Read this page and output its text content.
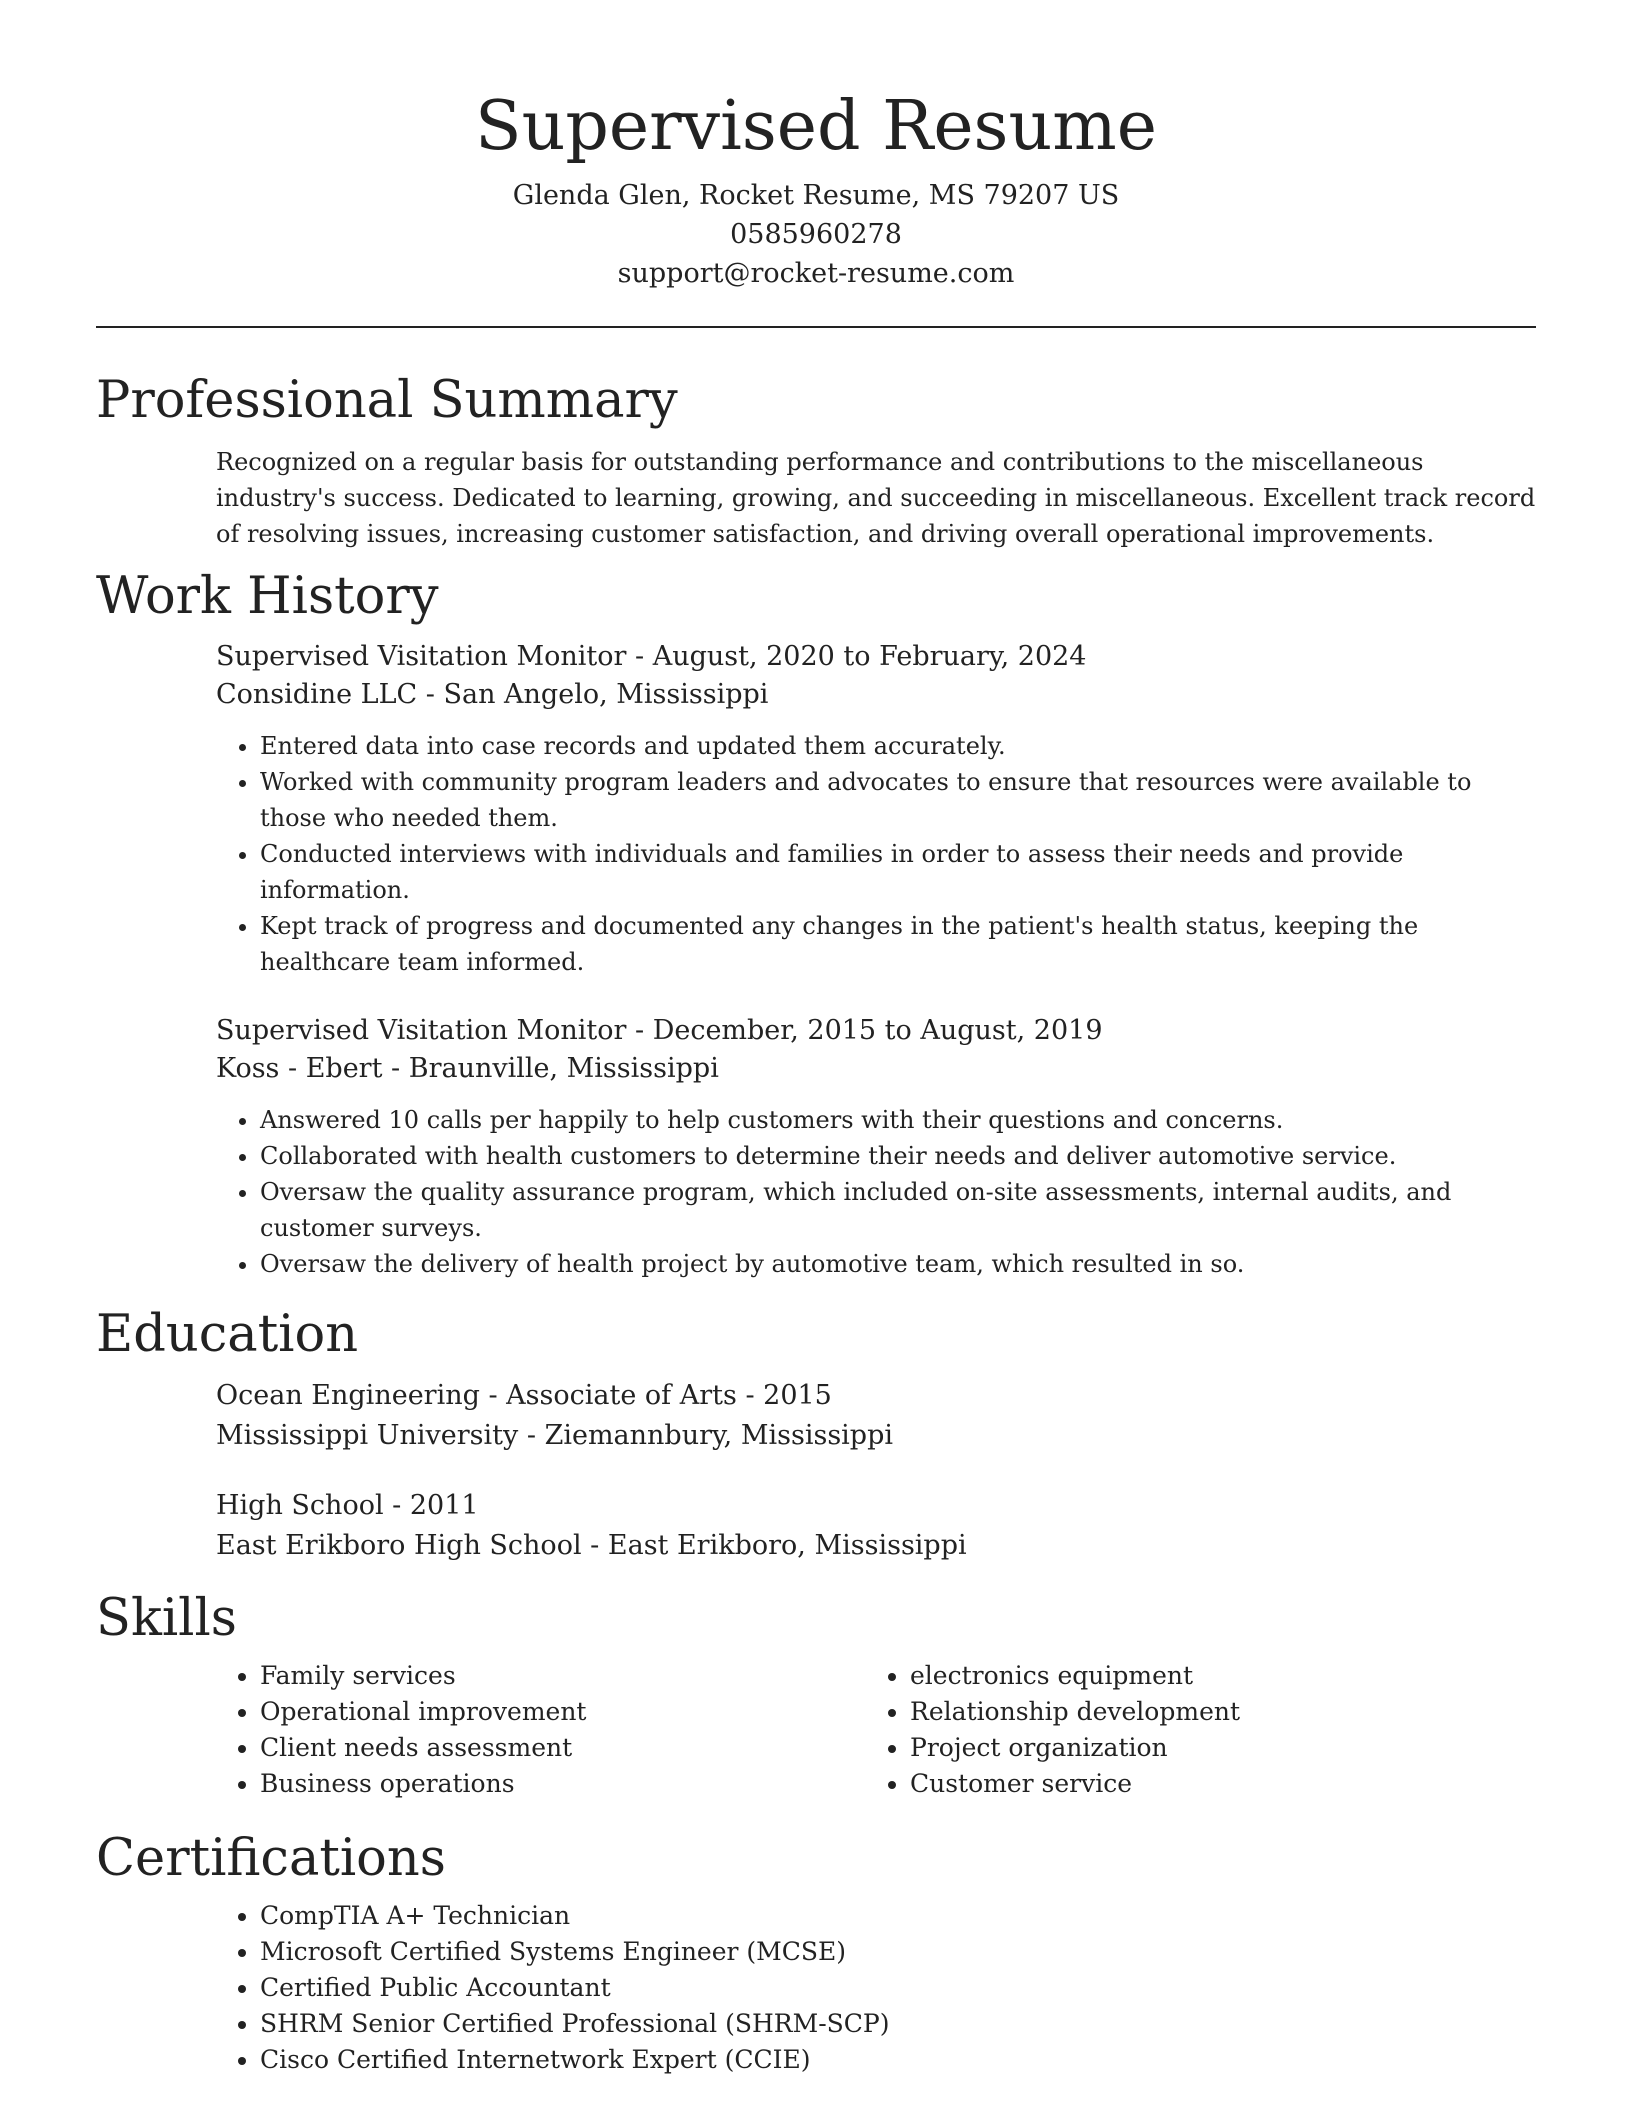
Supervised Resume
Glenda Glen, Rocket Resume, MS 79207 US
0585960278
support@rocket-resume.com
Professional Summary

Recognized on a regular basis for outstanding performance and contributions to the miscellaneous industry's success. Dedicated to learning, growing, and succeeding in miscellaneous. Excellent track record of resolving issues, increasing customer satisfaction, and driving overall operational improvements.

Work History
Supervised Visitation Monitor - August, 2020 to February, 2024
Considine LLC - San Angelo, Mississippi
• Entered data into case records and updated them accurately.
• Worked with community program leaders and advocates to ensure that resources were available to those who needed them.
• Conducted interviews with individuals and families in order to assess their needs and provide information.
• Kept track of progress and documented any changes in the patient's health status, keeping the healthcare team informed.
Supervised Visitation Monitor - December, 2015 to August, 2019
Koss - Ebert - Braunville, Mississippi
• Answered 10 calls per happily to help customers with their questions and concerns.
• Collaborated with health customers to determine their needs and deliver automotive service.
• Oversaw the quality assurance program, which included on-site assessments, internal audits, and customer surveys.
• Oversaw the delivery of health project by automotive team, which resulted in so.
Education
Ocean Engineering - Associate of Arts - 2015
Mississippi University - Ziemannbury, Mississippi
High School - 2011
East Erikboro High School - East Erikboro, Mississippi
Skills
• Family services
• Operational improvement
• Client needs assessment
• Business operations
• electronics equipment
• Relationship development
• Project organization
• Customer service
Certifications
• CompTIA A+ Technician
• Microsoft Certified Systems Engineer (MCSE)
• Certified Public Accountant
• SHRM Senior Certified Professional (SHRM-SCP)
• Cisco Certified Internetwork Expert (CCIE)
